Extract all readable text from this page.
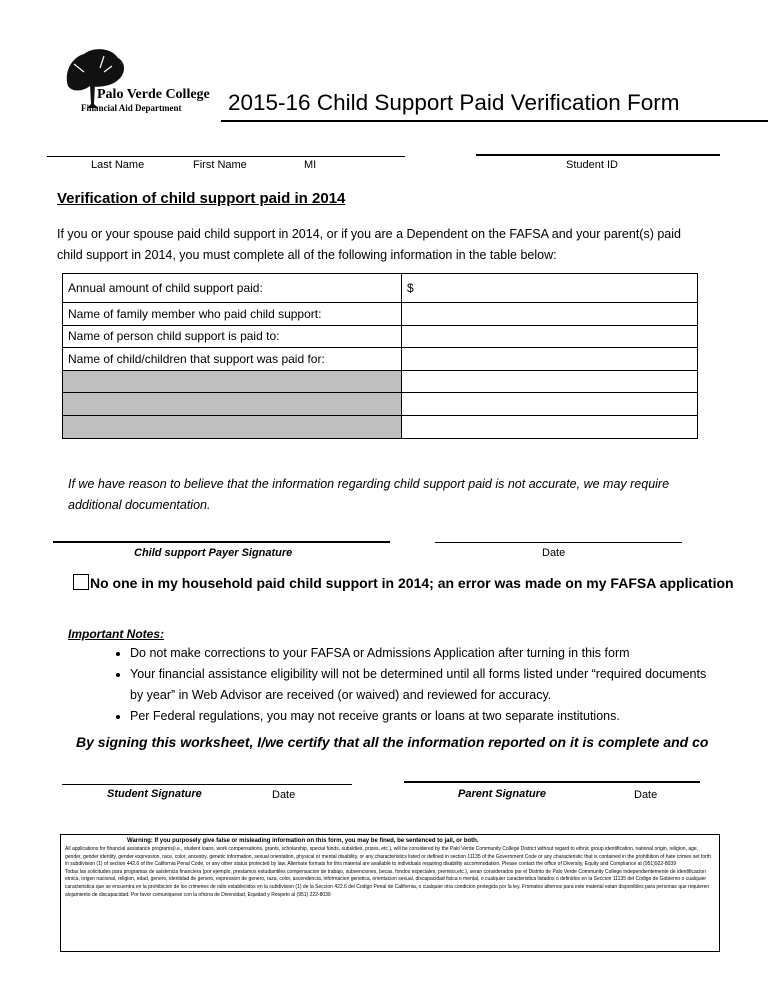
Palo Verde College
Financial Aid Department 2015-16 Child Support Paid Verification Form
Last Name	First Name	MI	Student ID
Verification of child support paid in 2014
If you or your spouse paid child support in 2014, or if you are a Dependent on the FAFSA and your parent(s) paid child support in 2014, you must complete all of the following information in the table below:
Annual amount of child support paid:	$
Name of family member who paid child support:	
Name of person child support is paid to:	
Name of child/children that support was paid for:	

If we have reason to believe that the information regarding child support paid is not accurate, we may require additional documentation.
Child support Payer Signature	Date
No one in my household paid child support in 2014; an error was made on my FAFSA application
Important Notes:
• Do not make corrections to your FAFSA or Admissions Application after turning in this form
• Your financial assistance eligibility will not be determined until all forms listed under “required documents by year” in Web Advisor are received (or waived) and reviewed for accuracy.
• Per Federal regulations, you may not receive grants or loans at two separate institutions.
By signing this worksheet, I/we certify that all the information reported on it is complete and co
Student Signature	Date	Parent Signature	Date
Warning: If you purposely give false or misleading information on this form, you may be fined, be sentenced to jail, or both.
All applications for financial assistance programs(i.e., student loans, work compensations, grants, scholarship, special funds, subsidies, prizes, etc.), will be considered by the Palo Verde Community College District without regard to ethnic group identification, national origin, religion, age, gender, gender identity, gender expression, race, color, ancestry, genetic information, sexual orientation, physical or mental disability, or any characteristics listed or defined in section 11135 of the Government Code or any characteristic that is contained in the prohibition of hate crimes set forth in subdivision (1) of section 442.6 of the California Penal Code, or any other status protected by law. Alternate formats for this material are available to individuals requiring disability accommodation. Please contact the office of Diversity, Equity and Compliance at (951)922-8039
Todas las solicitudes para programas de asistencia financiera (por ejemplo, prestamos estudiantiles compensacion de trabajo, subvenciones, becas, fondos especiales, premios,etc.), seran considerados por el Distrito de Palo Verde Community College independientemente de identificacion etnica, origen nacional, religion, edad, genero, identidad de genero, expression de genero, raza, color, ascendencia, informacion genetica, orientacion sexual, discapacidad fisica o mental, o cualquier caracteristica listados o definidos en la Seccion 11135 del Codigo de Gobierno o cualquier caracteristica que se encuentra en la prohibicion de los crimenes de odio establecidos en la subdivision (1) de la Seccion 422.6 del Codigo Penal de California, o cualquier otra condicion protegida por la ley. Fromatos alternos para este material estan disponibles para personas que requieren alojamiento de discapacidad. Por favor comuniquese con la oficina de Diversidad, Equidad y Respeto al (951) 222-8039
